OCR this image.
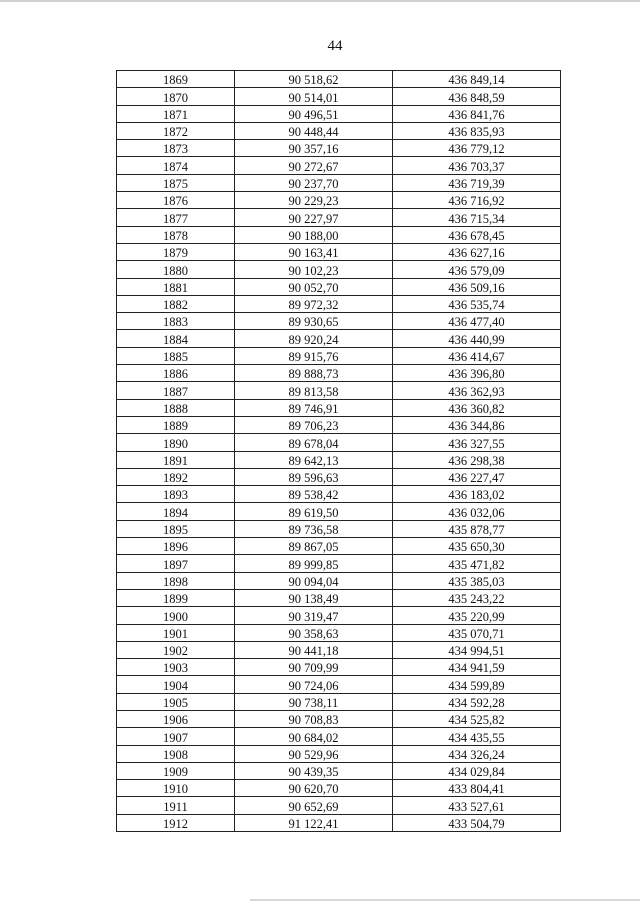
44
1869	90 518,62	436 849,14
1870	90 514,01	436 848,59
1871	90 496,51	436 841,76
1872	90 448,44	436 835,93
1873	90 357,16	436 779,12
1874	90 272,67	436 703,37
1875	90 237,70	436 719,39
1876	90 229,23	436 716,92
1877	90 227,97	436 715,34
1878	90 188,00	436 678,45
1879	90 163,41	436 627,16
1880	90 102,23	436 579,09
1881	90 052,70	436 509,16
1882	89 972,32	436 535,74
1883	89 930,65	436 477,40
1884	89 920,24	436 440,99
1885	89 915,76	436 414,67
1886	89 888,73	436 396,80
1887	89 813,58	436 362,93
1888	89 746,91	436 360,82
1889	89 706,23	436 344,86
1890	89 678,04	436 327,55
1891	89 642,13	436 298,38
1892	89 596,63	436 227,47
1893	89 538,42	436 183,02
1894	89 619,50	436 032,06
1895	89 736,58	435 878,77
1896	89 867,05	435 650,30
1897	89 999,85	435 471,82
1898	90 094,04	435 385,03
1899	90 138,49	435 243,22
1900	90 319,47	435 220,99
1901	90 358,63	435 070,71
1902	90 441,18	434 994,51
1903	90 709,99	434 941,59
1904	90 724,06	434 599,89
1905	90 738,11	434 592,28
1906	90 708,83	434 525,82
1907	90 684,02	434 435,55
1908	90 529,96	434 326,24
1909	90 439,35	434 029,84
1910	90 620,70	433 804,41
1911	90 652,69	433 527,61
1912	91 122,41	433 504,79
